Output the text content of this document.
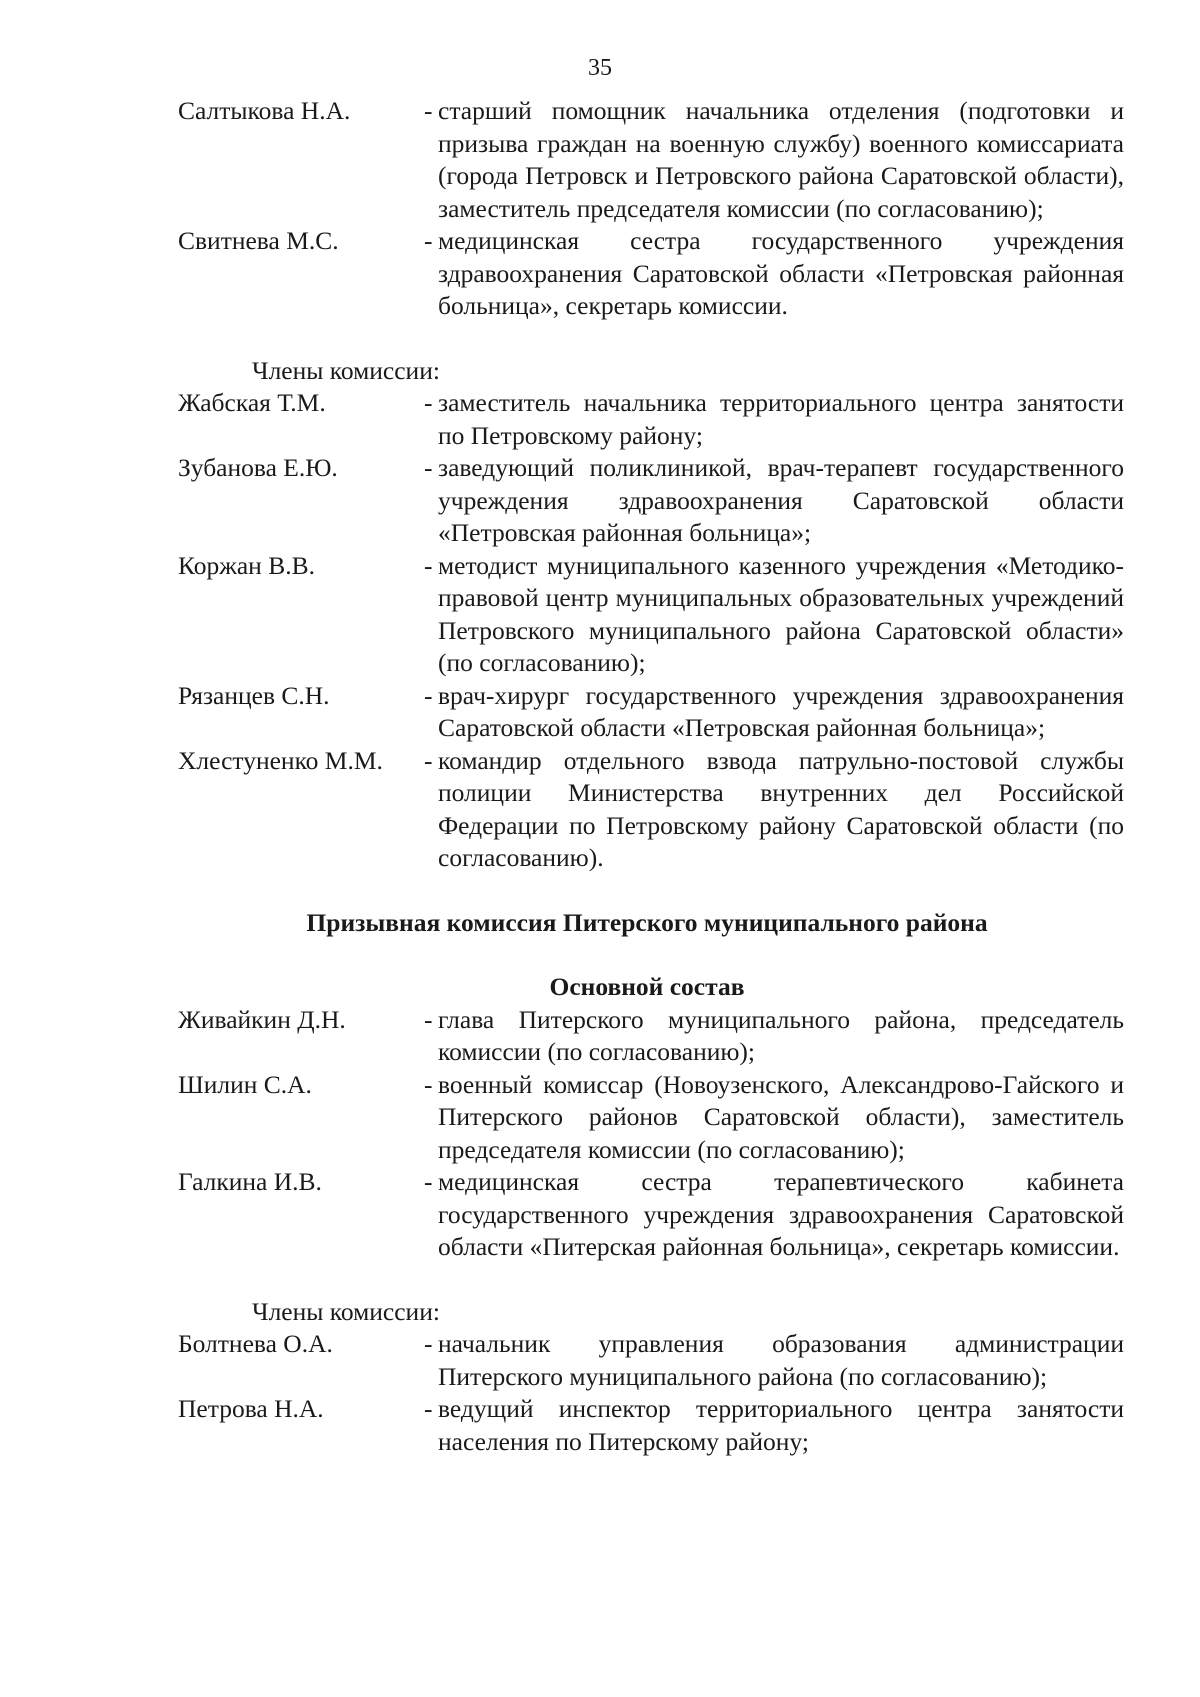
35
Салтыкова Н.А.	- старший помощник начальника отделения (подготовки и призыва граждан на военную службу) военного комиссариата (города Петровск и Петровского района Саратовской области), заместитель председателя комиссии (по согласованию);
Свитнева М.С.	- медицинская сестра государственного учреждения здравоохранения Саратовской области «Петровская районная больница», секретарь комиссии.
Члены комиссии:
Жабская Т.М.	- заместитель начальника территориального центра занятости по Петровскому району;
Зубанова Е.Ю.	- заведующий поликлиникой, врач-терапевт государственного учреждения здравоохранения Саратовской области «Петровская районная больница»;
Коржан В.В.	- методист муниципального казенного учреждения «Методико-правовой центр муниципальных образовательных учреждений Петровского муниципального района Саратовской области» (по согласованию);
Рязанцев С.Н.	- врач-хирург государственного учреждения здравоохранения Саратовской области «Петровская районная больница»;
Хлестуненко М.М.	- командир отдельного взвода патрульно-постовой службы полиции Министерства внутренних дел Российской Федерации по Петровскому району Саратовской области (по согласованию).
Призывная комиссия Питерского муниципального района
Основной состав
Живайкин Д.Н.	- глава Питерского муниципального района, председатель комиссии (по согласованию);
Шилин С.А.	- военный комиссар (Новоузенского, Александрово-Гайского и Питерского районов Саратовской области), заместитель председателя комиссии (по согласованию);
Галкина И.В.	- медицинская сестра терапевтического кабинета государственного учреждения здравоохранения Саратовской области «Питерская районная больница», секретарь комиссии.
Члены комиссии:
Болтнева О.А.	- начальник управления образования администрации Питерского муниципального района (по согласованию);
Петрова Н.А.	- ведущий инспектор территориального центра занятости населения по Питерскому району;
